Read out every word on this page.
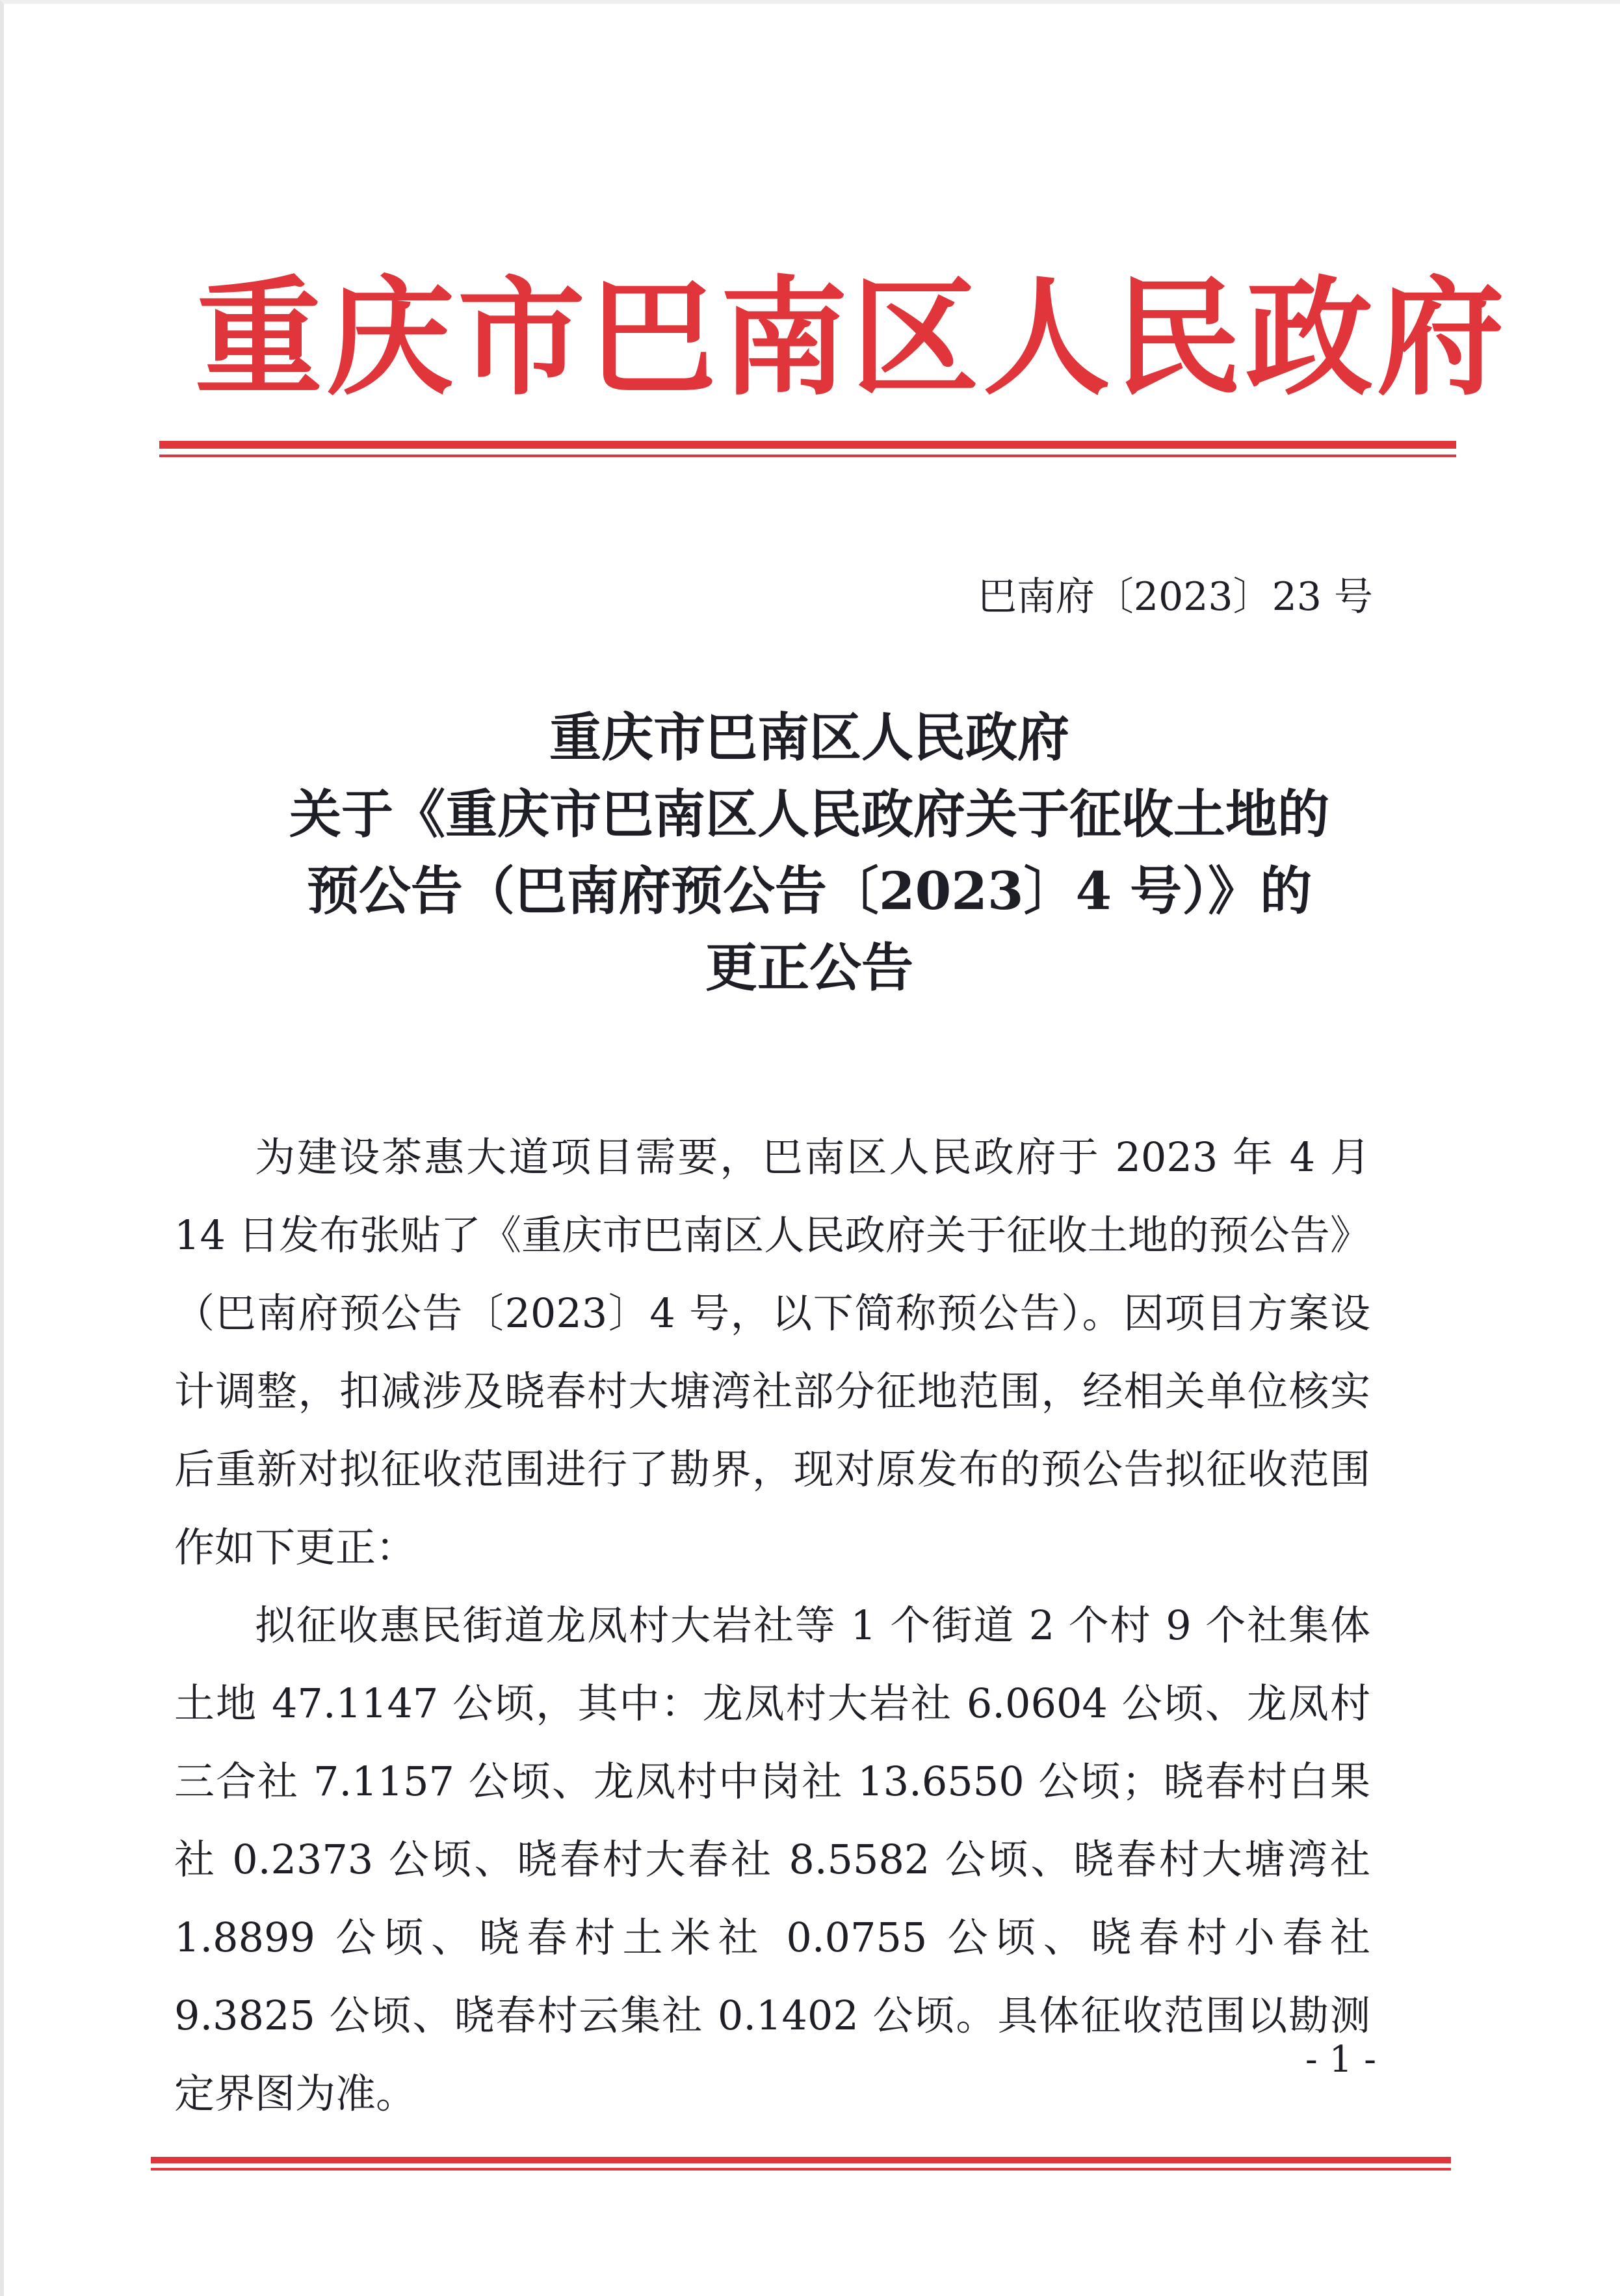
重庆市巴南区人民政府
巴南府〔2023〕23 号
重庆市巴南区人民政府
关于《重庆市巴南区人民政府关于征收土地的
预公告（巴南府预公告〔2023〕4 号）》的
更正公告

为建设茶惠大道项目需要，巴南区人民政府于 2023 年 4 月 14 日发布张贴了《重庆市巴南区人民政府关于征收土地的预公告》（巴南府预公告〔2023〕4 号，以下简称预公告）。因项目方案设计调整，扣减涉及晓春村大塘湾社部分征地范围，经相关单位核实后重新对拟征收范围进行了勘界，现对原发布的预公告拟征收范围作如下更正：

拟征收惠民街道龙凤村大岩社等 1 个街道 2 个村 9 个社集体土地 47.1147 公顷，其中：龙凤村大岩社 6.0604 公顷、龙凤村三合社 7.1157 公顷、龙凤村中岗社 13.6550 公顷；晓春村白果社 0.2373 公顷、晓春村大春社 8.5582 公顷、晓春村大塘湾社 1.8899 公顷、晓春村土米社 0.0755 公顷、晓春村小春社 9.3825 公顷、晓春村云集社 0.1402 公顷。具体征收范围以勘测定界图为准。

- 1 -
